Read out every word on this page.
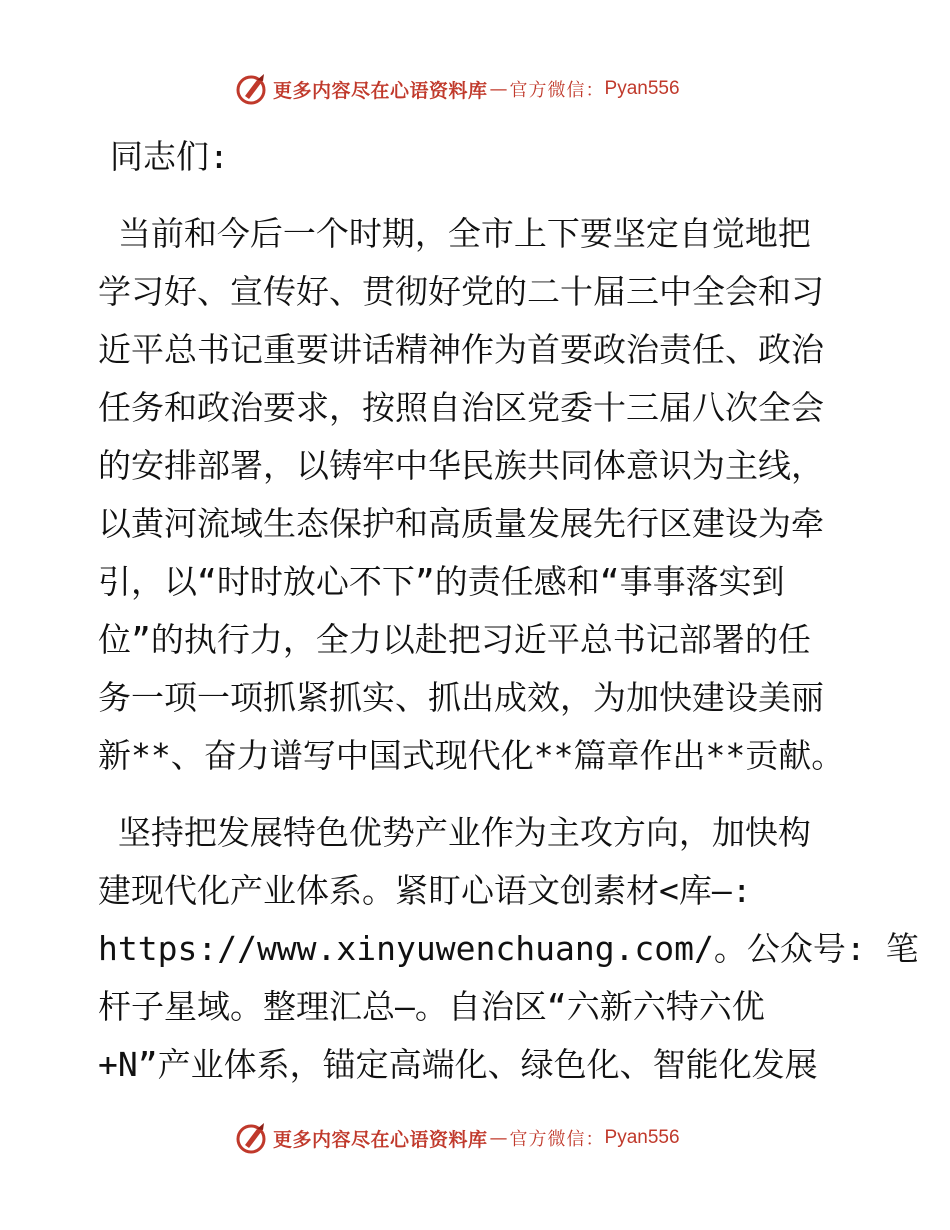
更多内容尽在心语资料库 — 官方微信： Pyan556

同志们:

当前和今后一个时期，全市上下要坚定自觉地把
学习好、宣传好、贯彻好党的二十届三中全会和习
近平总书记重要讲话精神作为首要政治责任、政治
任务和政治要求，按照自治区党委十三届八次全会
的安排部署，以铸牢中华民族共同体意识为主线，
以黄河流域生态保护和高质量发展先行区建设为牵
引，以“时时放心不下”的责任感和“事事落实到
位”的执行力，全力以赴把习近平总书记部署的任
务一项一项抓紧抓实、抓出成效，为加快建设美丽
新**、奋力谱写中国式现代化**篇章作出**贡献。

坚持把发展特色优势产业作为主攻方向，加快构
建现代化产业体系。紧盯心语文创素材<库—:
https://www.xinyuwenchuang.com/。公众号: 笔
杆子星域。整理汇总—。自治区“六新六特六优
+N”产业体系，锚定高端化、绿色化、智能化发展

更多内容尽在心语资料库 — 官方微信： Pyan556
